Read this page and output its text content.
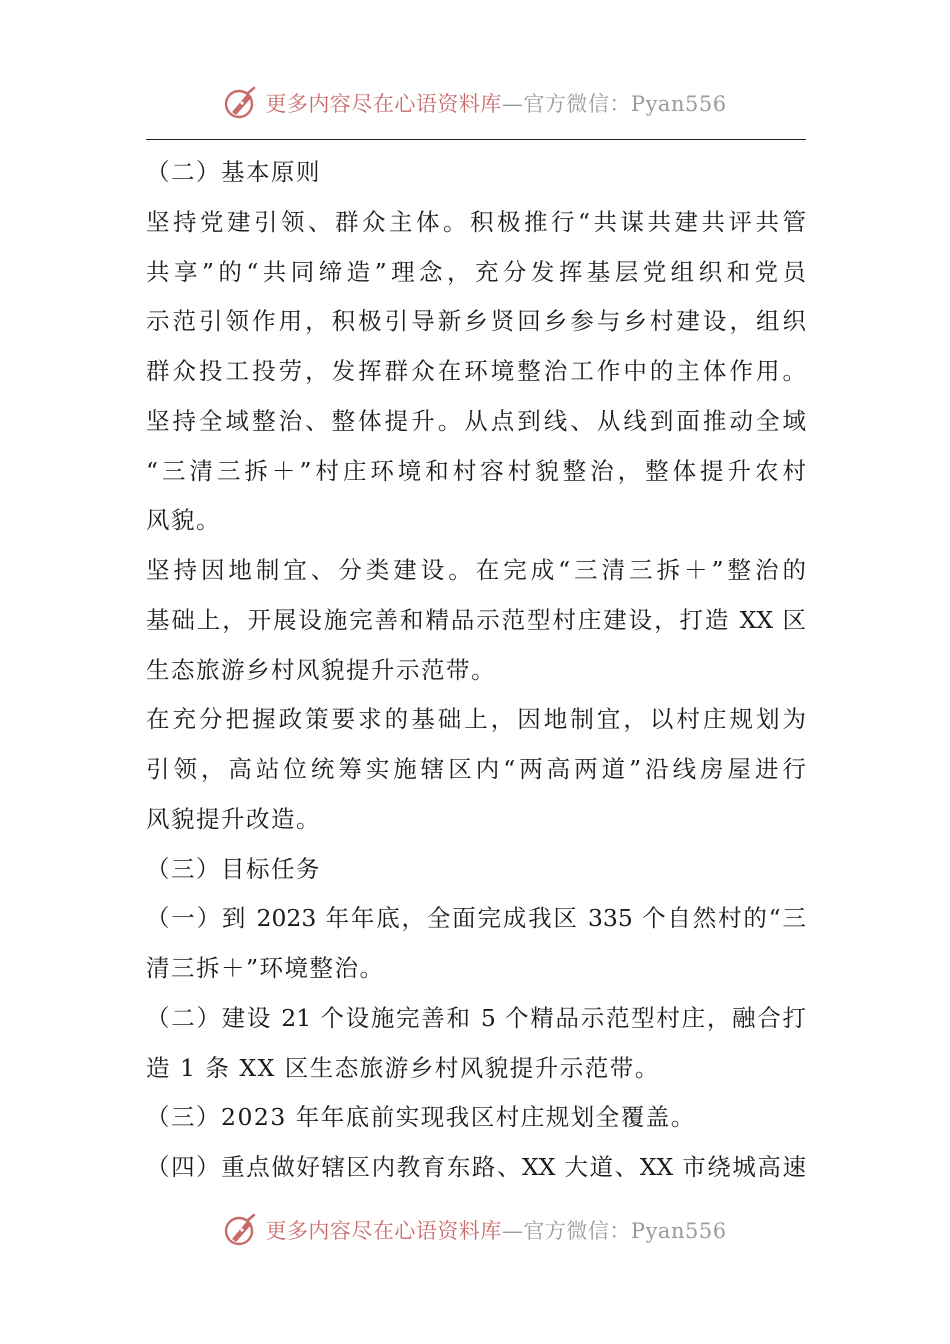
更多内容尽在心语资料库—官方微信：Pyan556
（二）基本原则
坚持党建引领、群众主体。积极推行“共谋共建共评共管
共享”的“共同缔造”理念，充分发挥基层党组织和党员
示范引领作用，积极引导新乡贤回乡参与乡村建设，组织
群众投工投劳，发挥群众在环境整治工作中的主体作用。
坚持全域整治、整体提升。从点到线、从线到面推动全域
“三清三拆＋”村庄环境和村容村貌整治，整体提升农村
风貌。
坚持因地制宜、分类建设。在完成“三清三拆＋”整治的
基础上，开展设施完善和精品示范型村庄建设，打造 XX 区
生态旅游乡村风貌提升示范带。
在充分把握政策要求的基础上，因地制宜，以村庄规划为
引领，高站位统筹实施辖区内“两高两道”沿线房屋进行
风貌提升改造。
（三）目标任务
（一）到 2023 年年底，全面完成我区 335 个自然村的“三
清三拆＋”环境整治。
（二）建设 21 个设施完善和 5 个精品示范型村庄，融合打
造 1 条 XX 区生态旅游乡村风貌提升示范带。
（三）2023 年年底前实现我区村庄规划全覆盖。
（四）重点做好辖区内教育东路、XX 大道、XX 市绕城高速
更多内容尽在心语资料库—官方微信：Pyan556
